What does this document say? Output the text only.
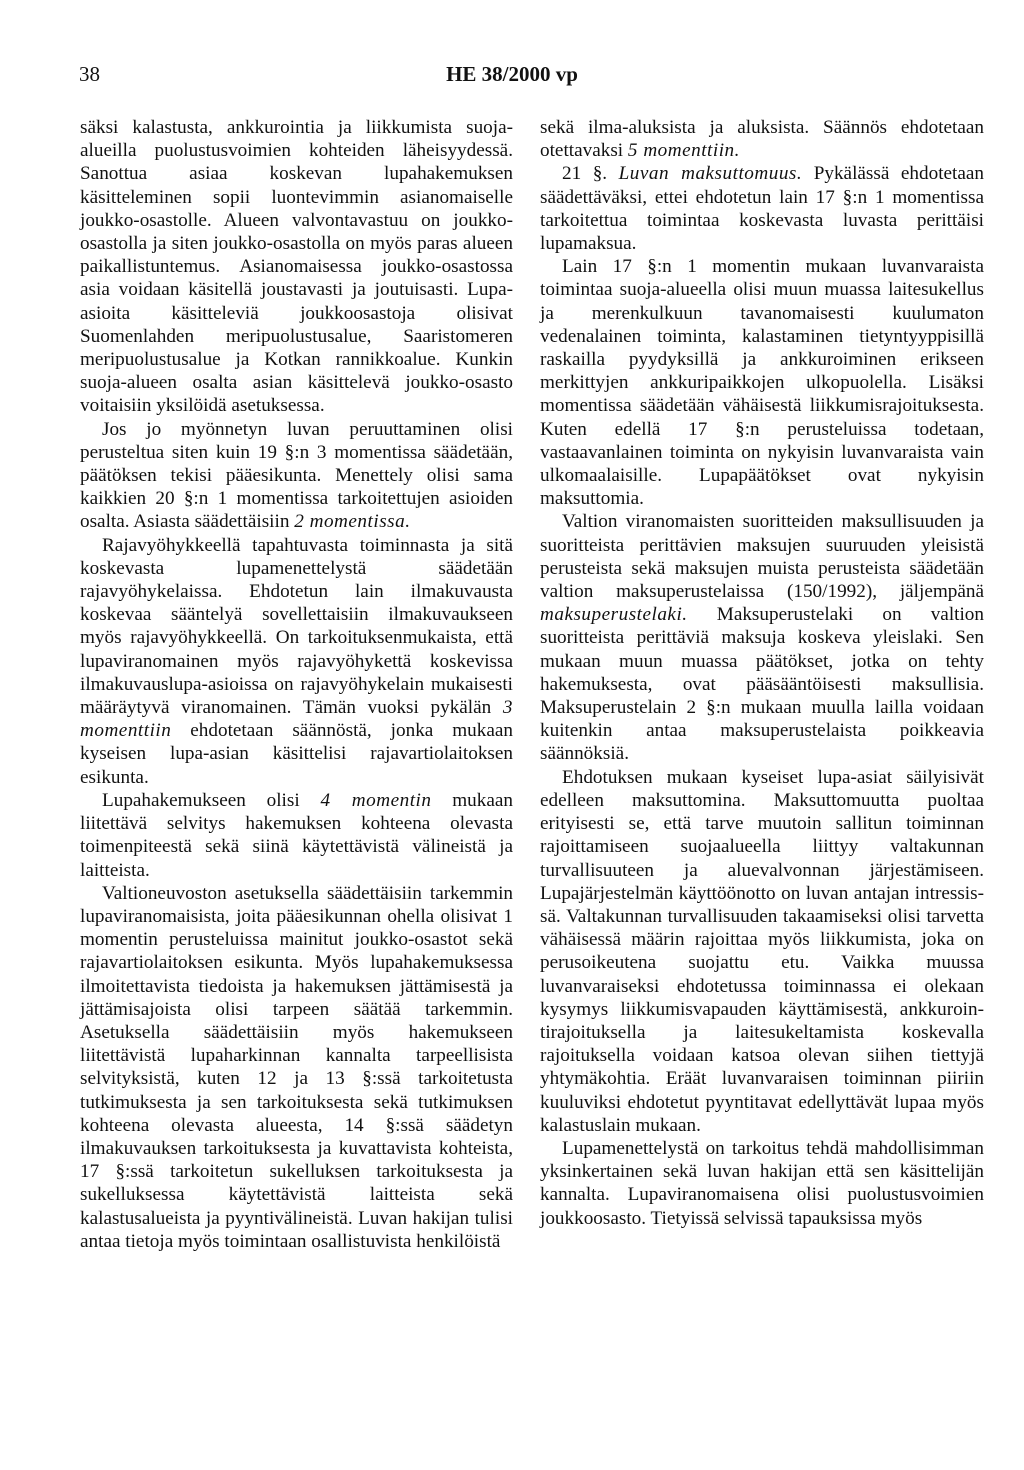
38	HE 38/2000 vp

säksi kalastusta, ankkurointia ja liikkumista suoja-alueilla puolustusvoimien kohteiden läheisyydessä. Sanottua asiaa koskevan lupahakemuksen käsitteleminen sopii luontevimmin asianomaiselle joukko-osastolle. Alueen valvontavastuu on joukko-osastolla ja siten joukko-osastolla on myös paras alueen paikallistuntemus. Asianomaisessa joukko-osastossa asia voidaan käsitellä joustavasti ja joutuisasti. Lupa-asioita käsitteleviä joukkoosastoja olisivat Suomenlahden meripuolustusalue, Saaristomeren meripuolustusalue ja Kotkan rannikkoalue. Kunkin suoja-alueen osalta asian käsittelevä joukko-osasto voitaisiin yksilöidä asetuksessa.

Jos jo myönnetyn luvan peruuttaminen olisi perusteltua siten kuin 19 §:n 3 momentissa säädetään, päätöksen tekisi pääesikunta. Menettely olisi sama kaikkien 20 §:n 1 momentissa tarkoitettujen asioiden osalta. Asiasta säädettäisiin 2 momentissa.

Rajavyöhykkeellä tapahtuvasta toiminnasta ja sitä koskevasta lupamenettelystä säädetään rajavyöhykelaissa. Ehdotetun lain ilmakuvausta koskevaa sääntelyä sovellettaisiin ilmakuvaukseen myös rajavyöhykkeellä. On tarkoituksenmukaista, että lupaviranomainen myös rajavyöhykettä koskevissa ilmakuvauslupa-asioissa on rajavyöhykelain mukaisesti määräytyvä viranomainen. Tämän vuoksi pykälän 3 momenttiin ehdotetaan säännöstä, jonka mukaan kyseisen lupa-asian käsittelisi rajavartiolaitoksen esikunta.

Lupahakemukseen olisi 4 momentin mukaan liitettävä selvitys hakemuksen kohteena olevasta toimenpiteestä sekä siinä käytettävistä välineistä ja laitteista.

Valtioneuvoston asetuksella säädettäisiin tarkemmin lupaviranomaisista, joita pääesikunnan ohella olisivat 1 momentin perusteluissa mainitut joukko-osastot sekä rajavartiolaitoksen esikunta. Myös lupahakemuksessa ilmoitettavista tiedoista ja hakemuksen jättämisestä ja jättämisajoista olisi tarpeen säätää tarkemmin. Asetuksella säädettäisiin myös hakemukseen liitettävistä lupaharkinnan kannalta tarpeellisista selvityksistä, kuten 12 ja 13 §:ssä tarkoitetusta tutkimuksesta ja sen tarkoituksesta sekä tutkimuksen kohteena olevasta alueesta, 14 §:ssä säädetyn ilmakuvauksen tarkoituksesta ja kuvattavista kohteista, 17 §:ssä tarkoitetun sukelluksen tarkoituksesta ja sukelluksessa käytettävistä laitteista sekä kalastusalueista ja pyyntivälineistä. Luvan hakijan tulisi antaa tietoja myös toimintaan osallistuvista henkilöistä

sekä ilma-aluksista ja aluksista. Säännös ehdotetaan otettavaksi 5 momenttiin.

21 §. Luvan maksuttomuus. Pykälässä ehdotetaan säädettäväksi, ettei ehdotetun lain 17 §:n 1 momentissa tarkoitettua toimintaa koskevasta luvasta perittäisi lupamaksua.

Lain 17 §:n 1 momentin mukaan luvanvaraista toimintaa suoja-alueella olisi muun muassa laitesukellus ja merenkulkuun tavanomaisesti kuulumaton vedenalainen toiminta, kalastaminen tietyntyyppisillä raskailla pyydyksillä ja ankkuroiminen erikseen merkittyjen ankkuripaikkojen ulkopuolella. Lisäksi momentissa säädetään vähäisestä liikkumisrajoituksesta. Kuten edellä 17 §:n perusteluissa todetaan, vastaavanlainen toiminta on nykyisin luvanvaraista vain ulkomaalaisille. Lupapäätökset ovat nykyisin maksuttomia.

Valtion viranomaisten suoritteiden maksullisuuden ja suoritteista perittävien maksujen suuruuden yleisistä perusteista sekä maksujen muista perusteista säädetään valtion maksuperustelaissa (150/1992), jäljempänä maksuperustelaki. Maksuperustelaki on valtion suoritteista perittäviä maksuja koskeva yleislaki. Sen mukaan muun muassa päätökset, jotka on tehty hakemuksesta, ovat pääsääntöisesti maksullisia. Maksuperustelain 2 §:n mukaan muulla lailla voidaan kuitenkin antaa maksuperustelaista poikkeavia säännöksiä.

Ehdotuksen mukaan kyseiset lupa-asiat säilyisivät edelleen maksuttomina. Maksuttomuutta puoltaa erityisesti se, että tarve muutoin sallitun toiminnan rajoittamiseen suojaalueella liittyy valtakunnan turvallisuuteen ja aluevalvonnan järjestämiseen. Lupajärjestelmän käyttöönotto on luvan antajan intressissä. Valtakunnan turvallisuuden takaamiseksi olisi tarvetta vähäisessä määrin rajoittaa myös liikkumista, joka on perusoikeutena suojattu etu. Vaikka muussa luvanvaraiseksi ehdotetussa toiminnassa ei olekaan kysymys liikkumisvapauden käyttämisestä, ankkurointirajoituksella ja laitesukeltamista koskevalla rajoituksella voidaan katsoa olevan siihen tiettyjä yhtymäkohtia. Eräät luvanvaraisen toiminnan piiriin kuuluviksi ehdotetut pyyntitavat edellyttävät lupaa myös kalastuslain mukaan.

Lupamenettelystä on tarkoitus tehdä mahdollisimman yksinkertainen sekä luvan hakijan että sen käsittelijän kannalta. Lupaviranomaisena olisi puolustusvoimien joukkoosasto. Tietyissä selvissä tapauksissa myös
